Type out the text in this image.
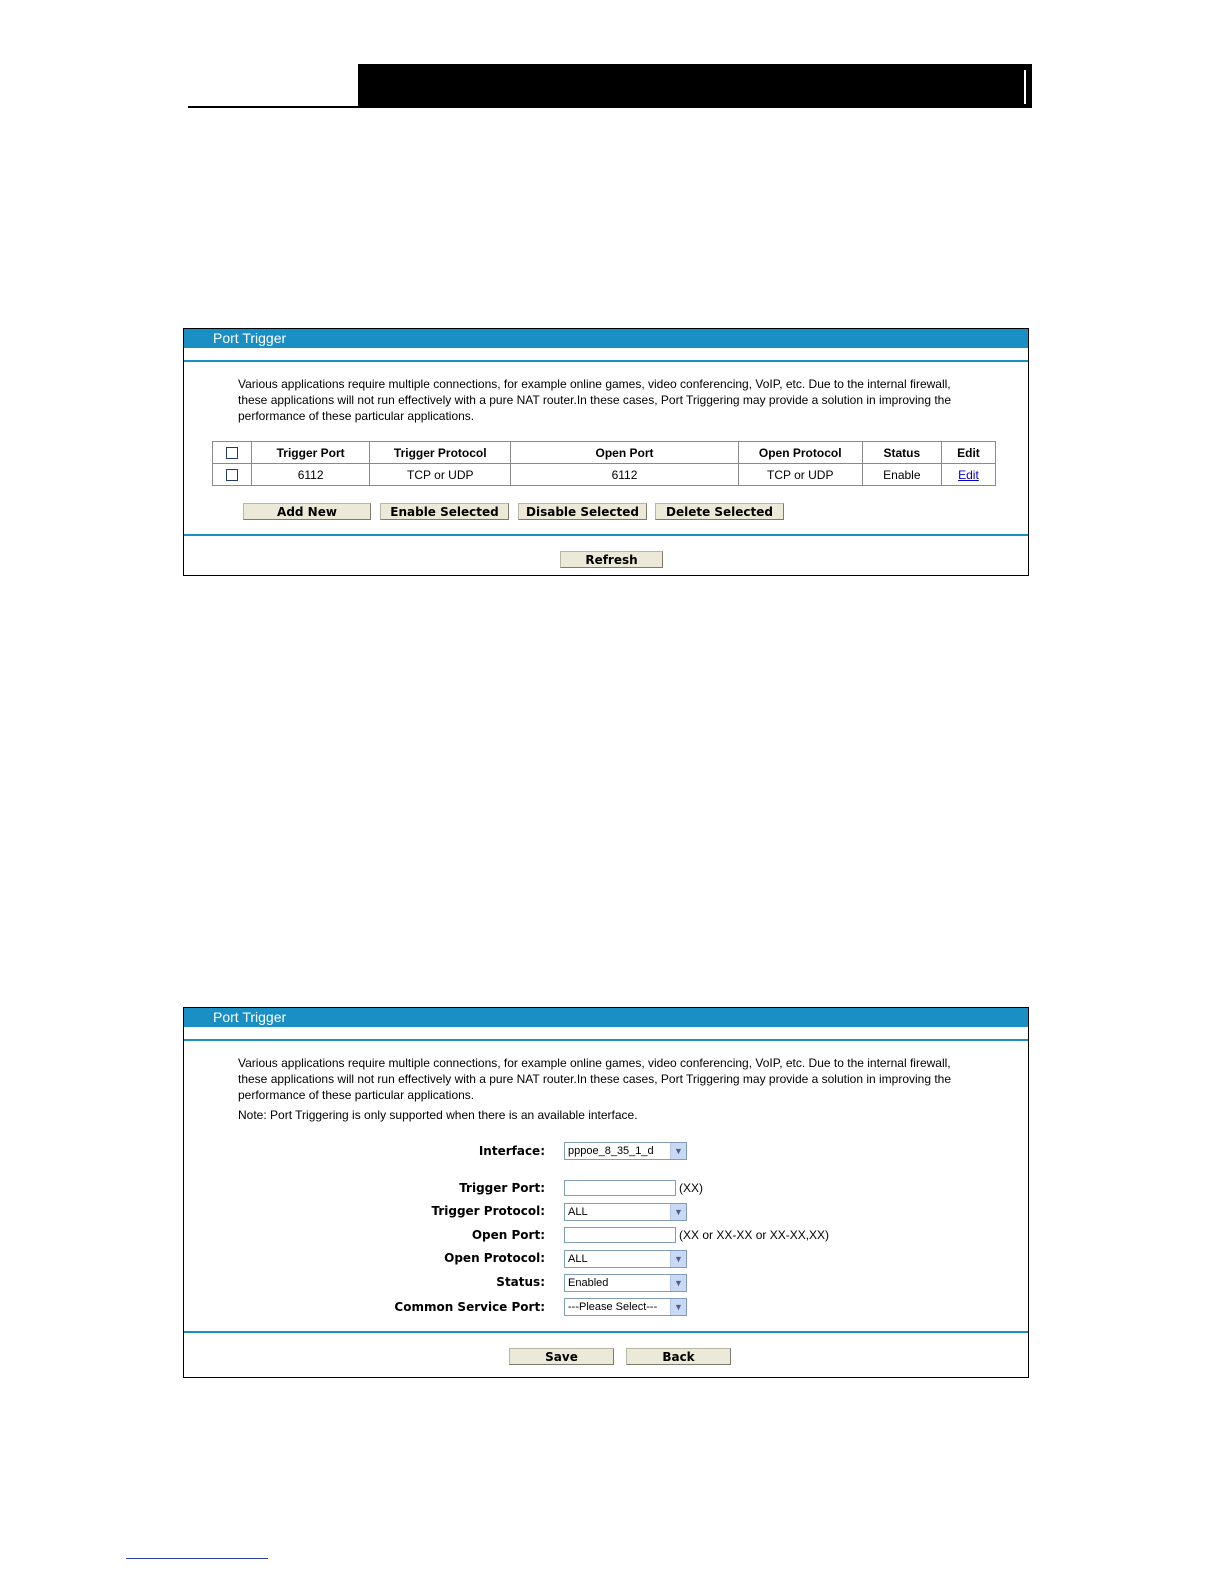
Port Trigger
Various applications require multiple connections, for example online games, video conferencing, VoIP, etc. Due to the internal firewall, these applications will not run effectively with a pure NAT router.In these cases, Port Triggering may provide a solution in improving the performance of these particular applications.
	Trigger Port	Trigger Protocol	Open Port	Open Protocol	Status	Edit
	6112	TCP or UDP	6112	TCP or UDP	Enable	Edit
Add New	Enable Selected	Disable Selected	Delete Selected
Refresh
Port Trigger
Various applications require multiple connections, for example online games, video conferencing, VoIP, etc. Due to the internal firewall, these applications will not run effectively with a pure NAT router.In these cases, Port Triggering may provide a solution in improving the performance of these particular applications.
Note: Port Triggering is only supported when there is an available interface.
Interface:	pppoe_8_35_1_d	▼
Trigger Port:	(XX)
Trigger Protocol:	ALL	▼
Open Port:	(XX or XX-XX or XX-XX,XX)
Open Protocol:	ALL	▼
Status:	Enabled	▼
Common Service Port:	---Please Select---	▼
Save	Back
